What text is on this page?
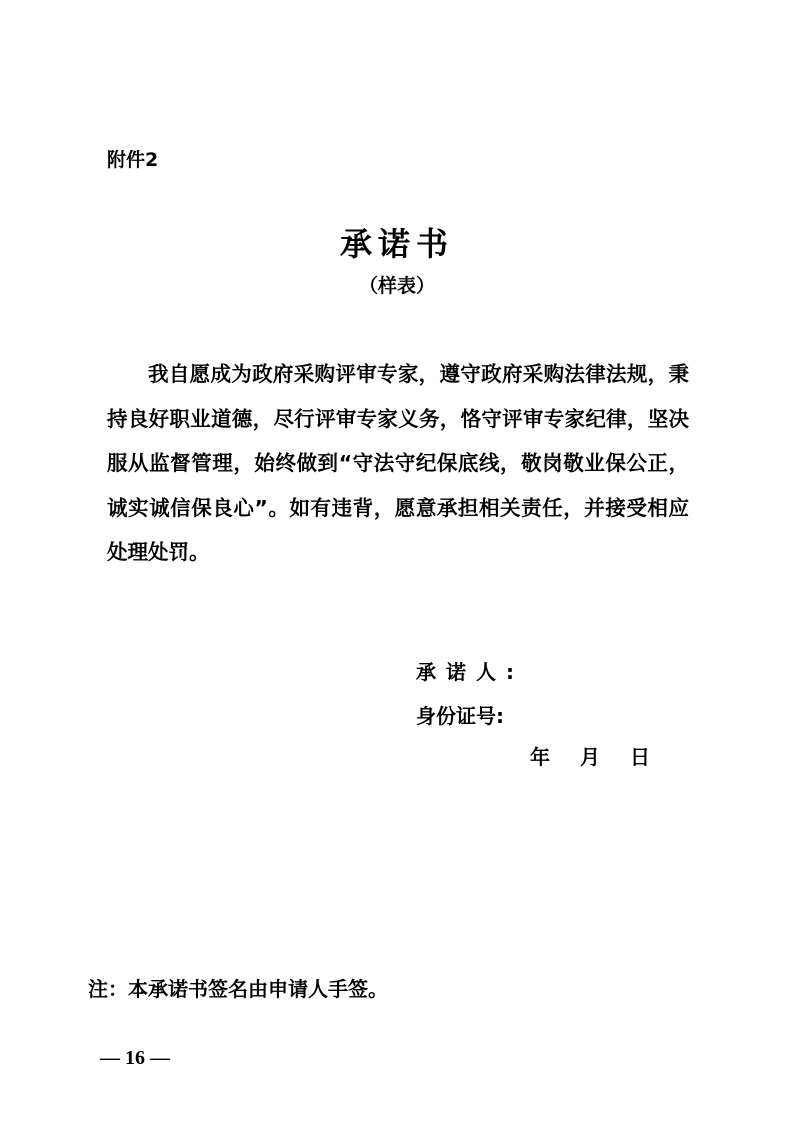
附件2
承诺书
（样表）

我自愿成为政府采购评审专家，遵守政府采购法律法规，秉持良好职业道德，尽行评审专家义务，恪守评审专家纪律，坚决服从监督管理，始终做到“守法守纪保底线，敬岗敬业保公正，诚实诚信保良心”。如有违背，愿意承担相关责任，并接受相应处理处罚。

承诺人:
身份证号:
年 月 日
注：本承诺书签名由申请人手签。
— 16 —
